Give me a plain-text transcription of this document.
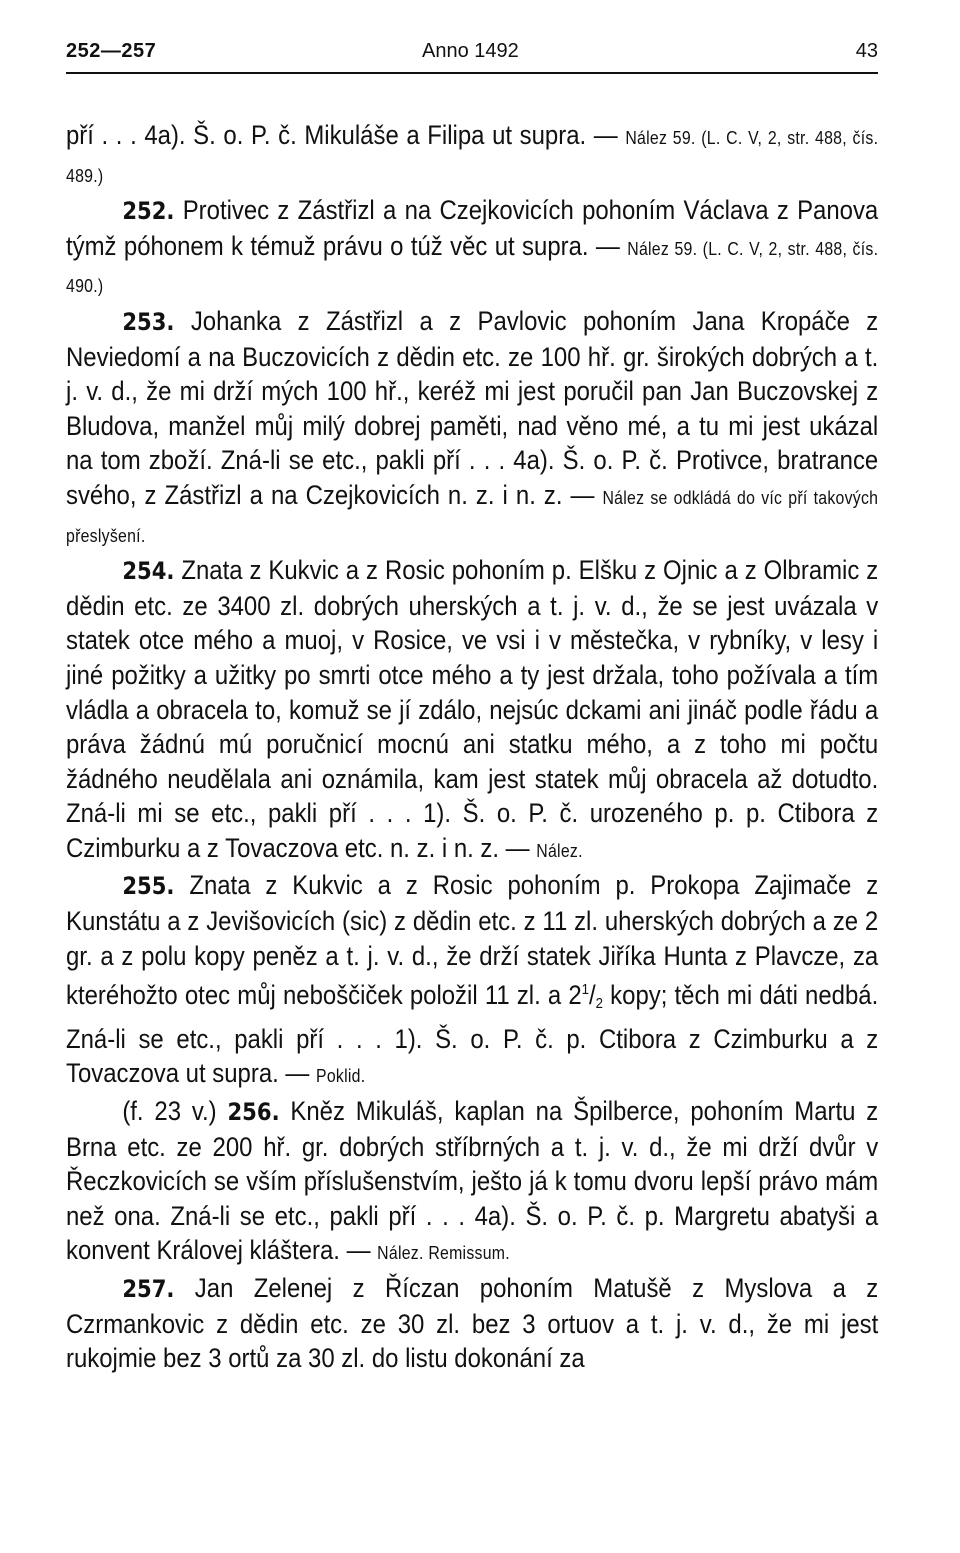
252—257	Anno 1492	43

pří . . . 4a). Š. o. P. č. Mikuláše a Filipa ut supra. — Nález 59. (L. C. V, 2, str. 488, čís. 489.)

252. Protivec z Zástřizl a na Czejkovicích pohoním Václava z Panova týmž póhonem k témuž právu o túž věc ut supra. — Nález 59. (L. C. V, 2, str. 488, čís. 490.)

253. Johanka z Zástřizl a z Pavlovic pohoním Jana Kropáče z Neviedomí a na Buczovicích z dědin etc. ze 100 hř. gr. širokých dobrých a t. j. v. d., že mi drží mých 100 hř., keréž mi jest poručil pan Jan Buczovskej z Bludova, manžel můj milý dobrej paměti, nad věno mé, a tu mi jest ukázal na tom zboží. Zná-li se etc., pakli pří . . . 4a). Š. o. P. č. Protivce, bratrance svého, z Zástřizl a na Czejkovicích n. z. i n. z. — Nález se odkládá do víc pří takových přeslyšení.

254. Znata z Kukvic a z Rosic pohoním p. Elšku z Ojnic a z Olbramic z dědin etc. ze 3400 zl. dobrých uherských a t. j. v. d., že se jest uvázala v statek otce mého a muoj, v Rosice, ve vsi i v městečka, v rybníky, v lesy i jiné požitky a užitky po smrti otce mého a ty jest držala, toho požívala a tím vládla a obracela to, komuž se jí zdálo, nejsúc dckami ani jináč podle řádu a práva žádnú mú poručnicí mocnú ani statku mého, a z toho mi počtu žádného neudělala ani oznámila, kam jest statek můj obracela až dotudto. Zná-li mi se etc., pakli pří . . . 1). Š. o. P. č. urozeného p. p. Ctibora z Czimburku a z Tovaczova etc. n. z. i n. z. — Nález.

255. Znata z Kukvic a z Rosic pohoním p. Prokopa Zajimače z Kunstátu a z Jevišovicích (sic) z dědin etc. z 11 zl. uherských dobrých a ze 2 gr. a z polu kopy peněz a t. j. v. d., že drží statek Jiříka Hunta z Plavcze, za kteréhožto otec můj neboščiček položil 11 zl. a $2^1/_2$ kopy; těch mi dáti nedbá. Zná-li se etc., pakli pří . . . 1). Š. o. P. č. p. Ctibora z Czimburku a z Tovaczova ut supra. — Poklid.

(f. 23 v.) 256. Kněz Mikuláš, kaplan na Špilberce, pohoním Martu z Brna etc. ze 200 hř. gr. dobrých stříbrných a t. j. v. d., že mi drží dvůr v Řeczkovicích se vším příslušenstvím, ješto já k tomu dvoru lepší právo mám než ona. Zná-li se etc., pakli pří . . . 4a). Š. o. P. č. p. Margretu abatyši a konvent Královej kláštera. — Nález. Remissum.

257. Jan Zelenej z Říczan pohoním Matušě z Myslova a z Czrmankovic z dědin etc. ze 30 zl. bez 3 ortuov a t. j. v. d., že mi jest rukojmie bez 3 ortů za 30 zl. do listu dokonání za
